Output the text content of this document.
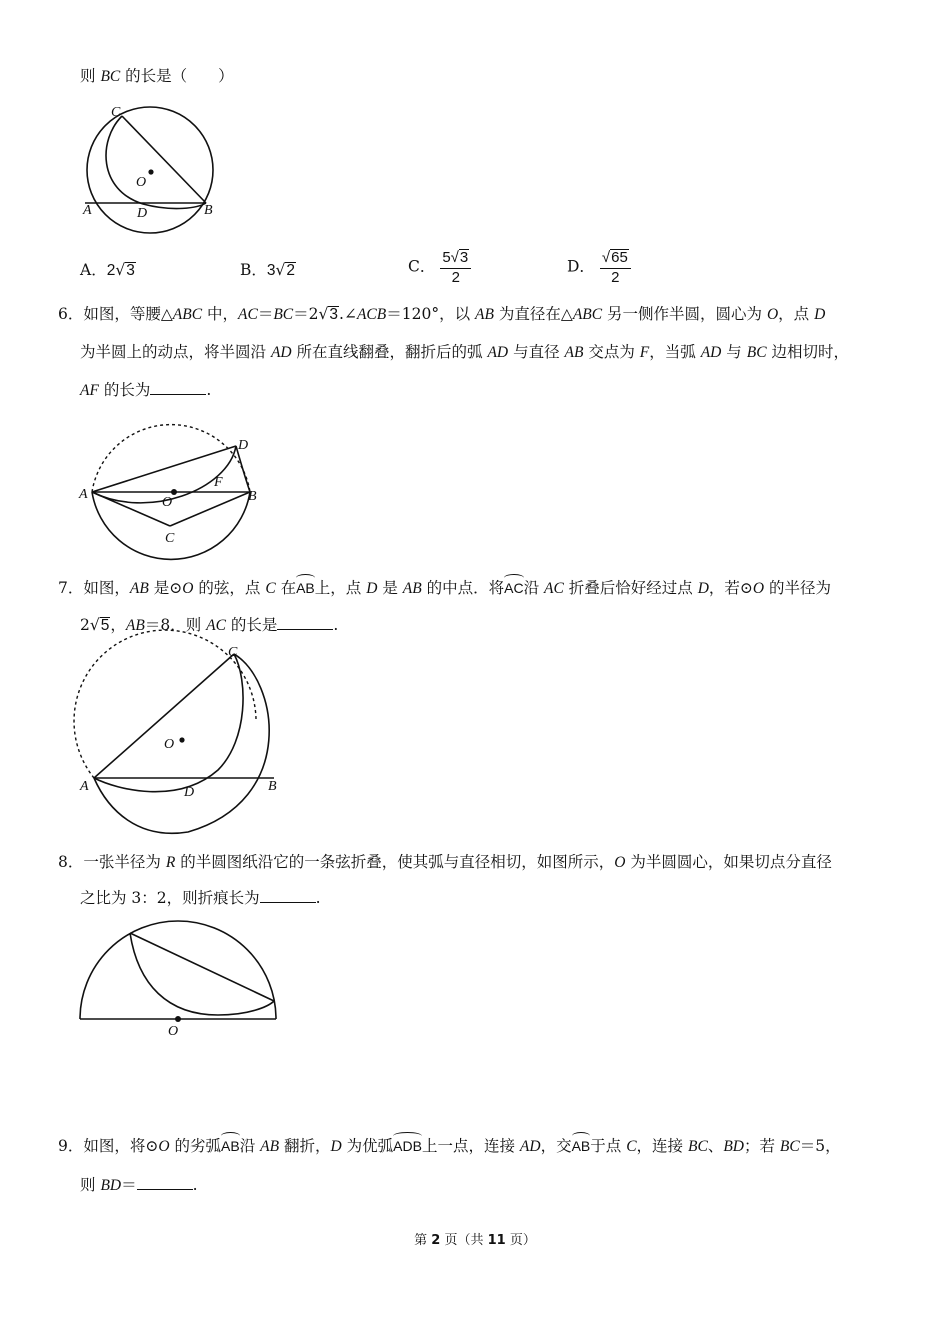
则 BC 的长是（　　）
C
O
A	D	B
A．2√3	B．3√2	C． $\frac{5√3}{2}$	D． $\frac{√65}{2}$
6．如图，等腰△ABC 中，AC＝BC＝2√3.∠ACB＝120°，以 AB 为直径在△ABC 另一侧作半圆，圆心为 O，点 D
为半圆上的动点，将半圆沿 AD 所在直线翻叠，翻折后的弧 AD 与直径 AB 交点为 F，当弧 AD 与 BC 边相切时，
AF 的长为	.
D
A
F
B
O
C
7．如图，AB 是⊙O 的弦，点 C 在AB上，点 D 是 AB 的中点．将AC沿 AC 折叠后恰好经过点 D，若⊙O 的半径为
2√5，AB＝8．则 AC 的长是	.
C
O
A	D	B
8．一张半径为 R 的半圆图纸沿它的一条弦折叠，使其弧与直径相切，如图所示，O 为半圆圆心，如果切点分直径
之比为 3：2，则折痕长为	.
O
9．如图，将⊙O 的劣弧AB沿 AB 翻折，D 为优弧ADB上一点，连接 AD，交AB于点 C，连接 BC、BD；若 BC＝5，
则 BD＝	.
第 2 页（共 11 页）
